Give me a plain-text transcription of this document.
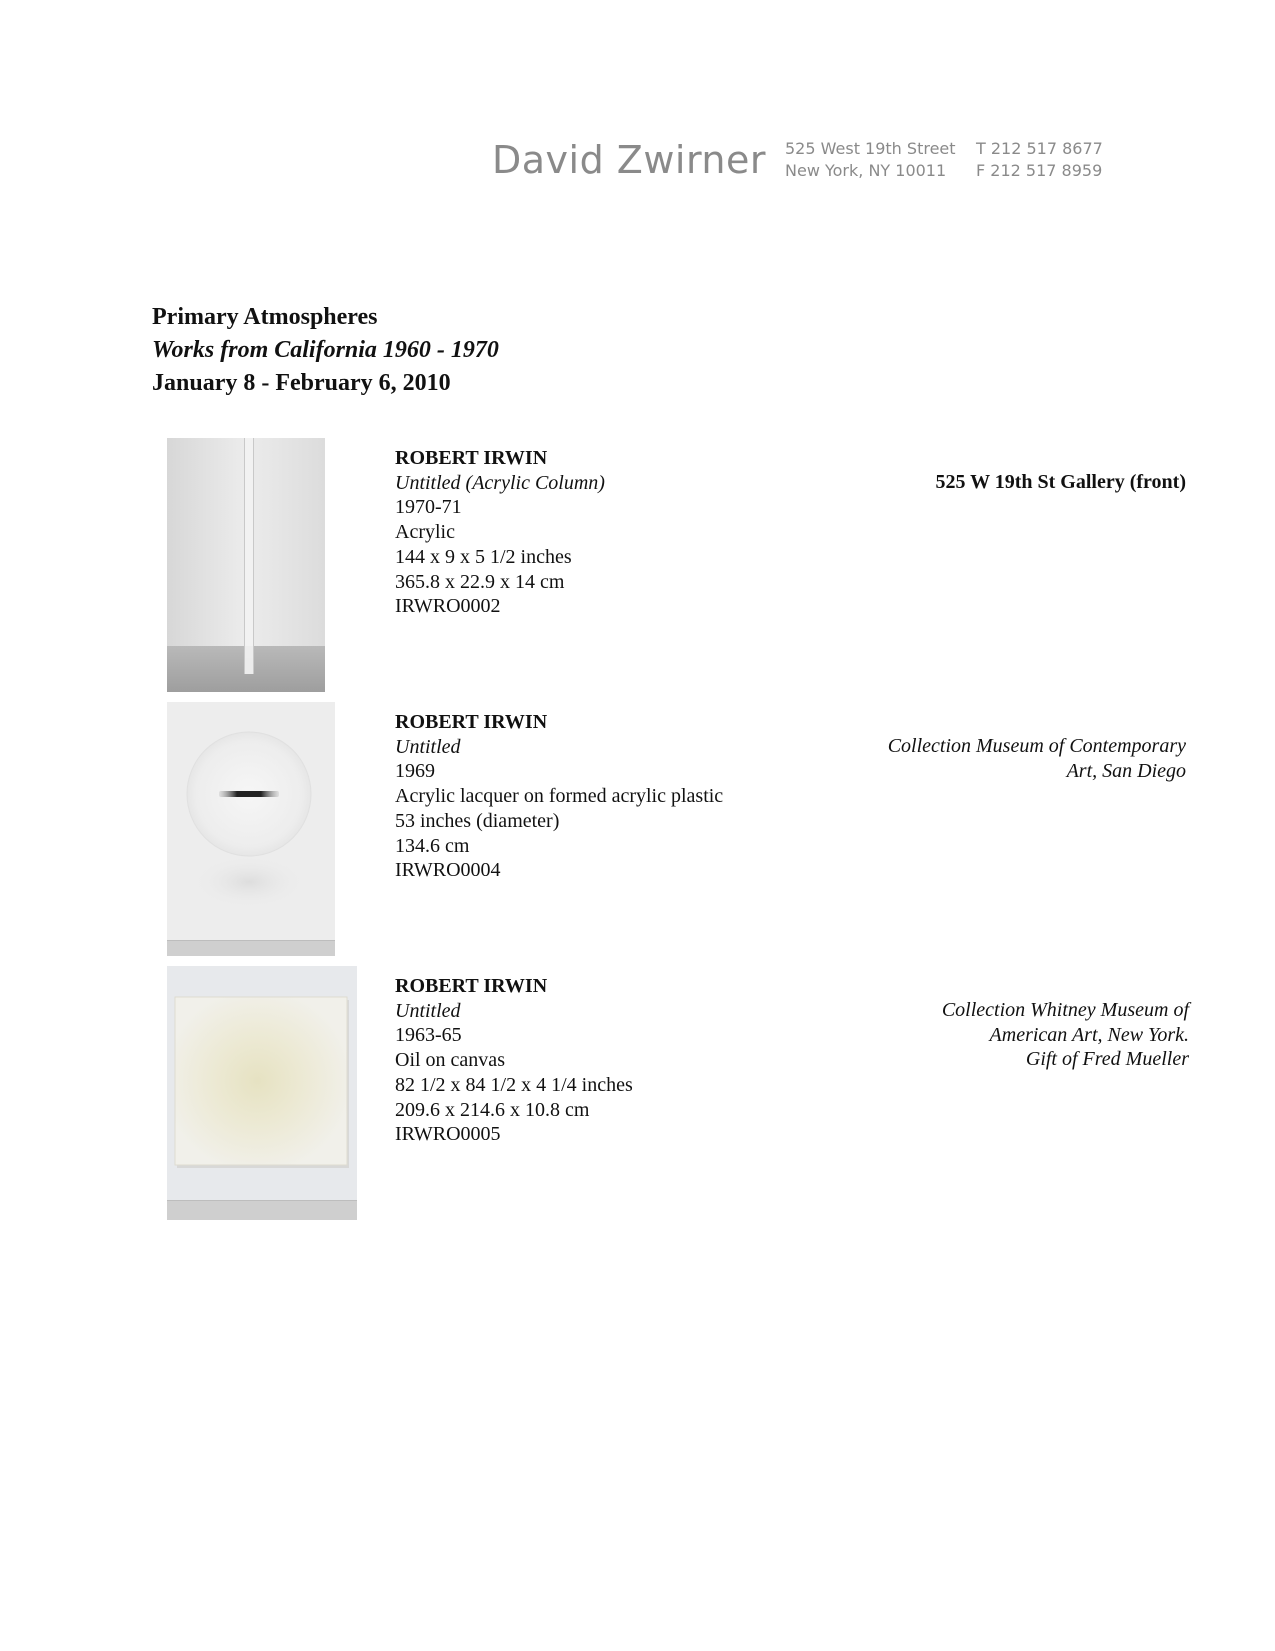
David Zwirner 525 West 19th Street
New York, NY 10011
T 212 517 8677
F 212 517 8959
Primary Atmospheres
Works from California 1960 - 1970
January 8 - February 6, 2010
ROBERT IRWIN
Untitled (Acrylic Column)
1970-71
Acrylic
144 x 9 x 5 1/2 inches
365.8 x 22.9 x 14 cm
IRWRO0002
525 W 19th St Gallery (front)
ROBERT IRWIN
Untitled
1969
Acrylic lacquer on formed acrylic plastic
53 inches (diameter)
134.6 cm
IRWRO0004
Collection Museum of Contemporary
Art, San Diego
ROBERT IRWIN
Untitled
1963-65
Oil on canvas
82 1/2 x 84 1/2 x 4 1/4 inches
209.6 x 214.6 x 10.8 cm
IRWRO0005
Collection Whitney Museum of
American Art, New York.
Gift of Fred Mueller
